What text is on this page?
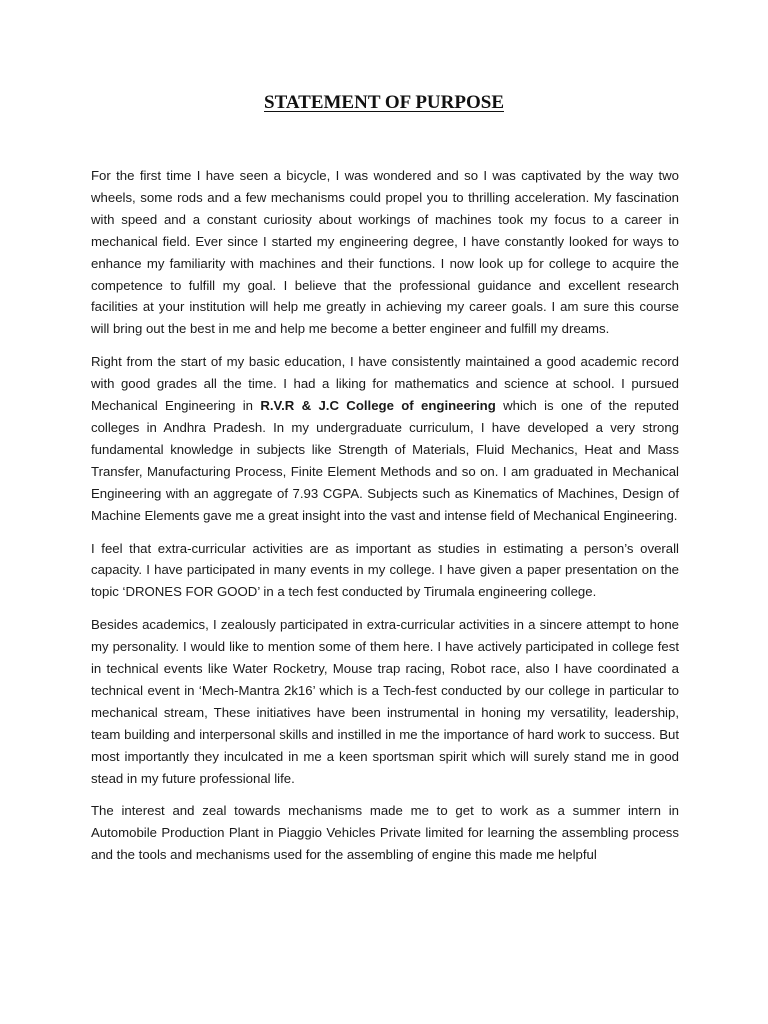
STATEMENT OF PURPOSE

For the first time I have seen a bicycle, I was wondered and so I was captivated by the way two wheels, some rods and a few mechanisms could propel you to thrilling acceleration. My fascination with speed and a constant curiosity about workings of machines took my focus to a career in mechanical field. Ever since I started my engineering degree, I have constantly looked for ways to enhance my familiarity with machines and their functions. I now look up for college to acquire the competence to fulfill my goal. I believe that the professional guidance and excellent research facilities at your institution will help me greatly in achieving my career goals. I am sure this course will bring out the best in me and help me become a better engineer and fulfill my dreams.

Right from the start of my basic education, I have consistently maintained a good academic record with good grades all the time. I had a liking for mathematics and science at school. I pursued Mechanical Engineering in R.V.R & J.C College of engineering which is one of the reputed colleges in Andhra Pradesh. In my undergraduate curriculum, I have developed a very strong fundamental knowledge in subjects like Strength of Materials, Fluid Mechanics, Heat and Mass Transfer, Manufacturing Process, Finite Element Methods and so on. I am graduated in Mechanical Engineering with an aggregate of 7.93 CGPA. Subjects such as Kinematics of Machines, Design of Machine Elements gave me a great insight into the vast and intense field of Mechanical Engineering.

I feel that extra-curricular activities are as important as studies in estimating a person’s overall capacity. I have participated in many events in my college. I have given a paper presentation on the topic ‘DRONES FOR GOOD’ in a tech fest conducted by Tirumala engineering college.

Besides academics, I zealously participated in extra-curricular activities in a sincere attempt to hone my personality. I would like to mention some of them here. I have actively participated in college fest in technical events like Water Rocketry, Mouse trap racing, Robot race, also I have coordinated a technical event in ‘Mech-Mantra 2k16’ which is a Tech-fest conducted by our college in particular to mechanical stream, These initiatives have been instrumental in honing my versatility, leadership, team building and interpersonal skills and instilled in me the importance of hard work to success. But most importantly they inculcated in me a keen sportsman spirit which will surely stand me in good stead in my future professional life.

The interest and zeal towards mechanisms made me to get to work as a summer intern in Automobile Production Plant in Piaggio Vehicles Private limited for learning the assembling process and the tools and mechanisms used for the assembling of engine this made me helpful
